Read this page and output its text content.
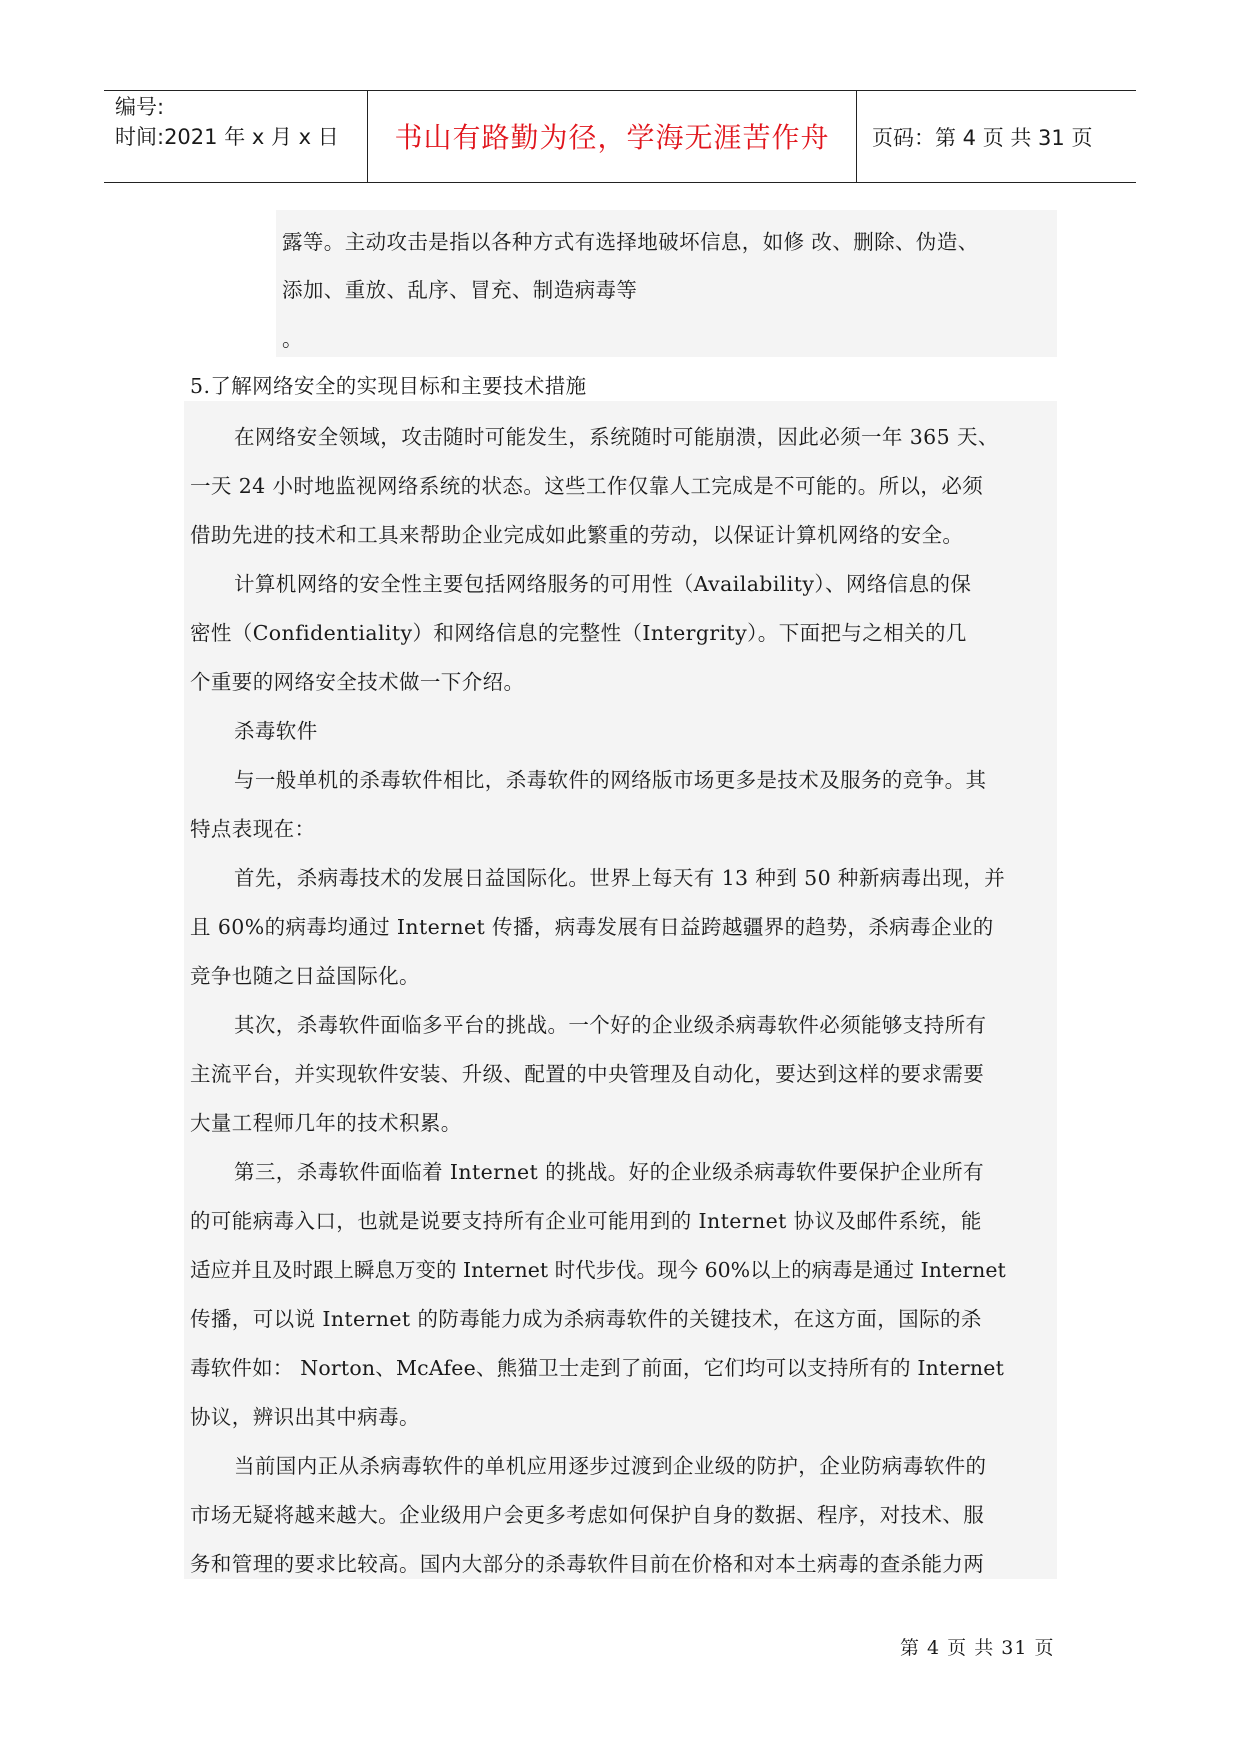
编号:
时间:2021 年 x 月 x 日	书山有路勤为径，学海无涯苦作舟	页码：第 4 页 共 31 页
露等。主动攻击是指以各种方式有选择地破坏信息，如修 改、删除、伪造、
添加、重放、乱序、冒充、制造病毒等
。
5.了解网络安全的实现目标和主要技术措施
在网络安全领域，攻击随时可能发生，系统随时可能崩溃，因此必须一年 365 天、
一天 24 小时地监视网络系统的状态。这些工作仅靠人工完成是不可能的。所以，必须
借助先进的技术和工具来帮助企业完成如此繁重的劳动，以保证计算机网络的安全。
计算机网络的安全性主要包括网络服务的可用性（Availability）、网络信息的保
密性（Confidentiality）和网络信息的完整性（Intergrity）。下面把与之相关的几
个重要的网络安全技术做一下介绍。
杀毒软件
与一般单机的杀毒软件相比，杀毒软件的网络版市场更多是技术及服务的竞争。其
特点表现在：
首先，杀病毒技术的发展日益国际化。世界上每天有 13 种到 50 种新病毒出现，并
且 60%的病毒均通过 Internet 传播，病毒发展有日益跨越疆界的趋势，杀病毒企业的
竞争也随之日益国际化。
其次，杀毒软件面临多平台的挑战。一个好的企业级杀病毒软件必须能够支持所有
主流平台，并实现软件安装、升级、配置的中央管理及自动化，要达到这样的要求需要
大量工程师几年的技术积累。
第三，杀毒软件面临着 Internet 的挑战。好的企业级杀病毒软件要保护企业所有
的可能病毒入口，也就是说要支持所有企业可能用到的 Internet 协议及邮件系统，能
适应并且及时跟上瞬息万变的 Internet 时代步伐。现今 60%以上的病毒是通过 Internet
传播，可以说 Internet 的防毒能力成为杀病毒软件的关键技术，在这方面，国际的杀
毒软件如： Norton、McAfee、熊猫卫士走到了前面，它们均可以支持所有的 Internet
协议，辨识出其中病毒。
当前国内正从杀病毒软件的单机应用逐步过渡到企业级的防护，企业防病毒软件的
市场无疑将越来越大。企业级用户会更多考虑如何保护自身的数据、程序，对技术、服
务和管理的要求比较高。国内大部分的杀毒软件目前在价格和对本土病毒的查杀能力两
第 4 页 共 31 页
